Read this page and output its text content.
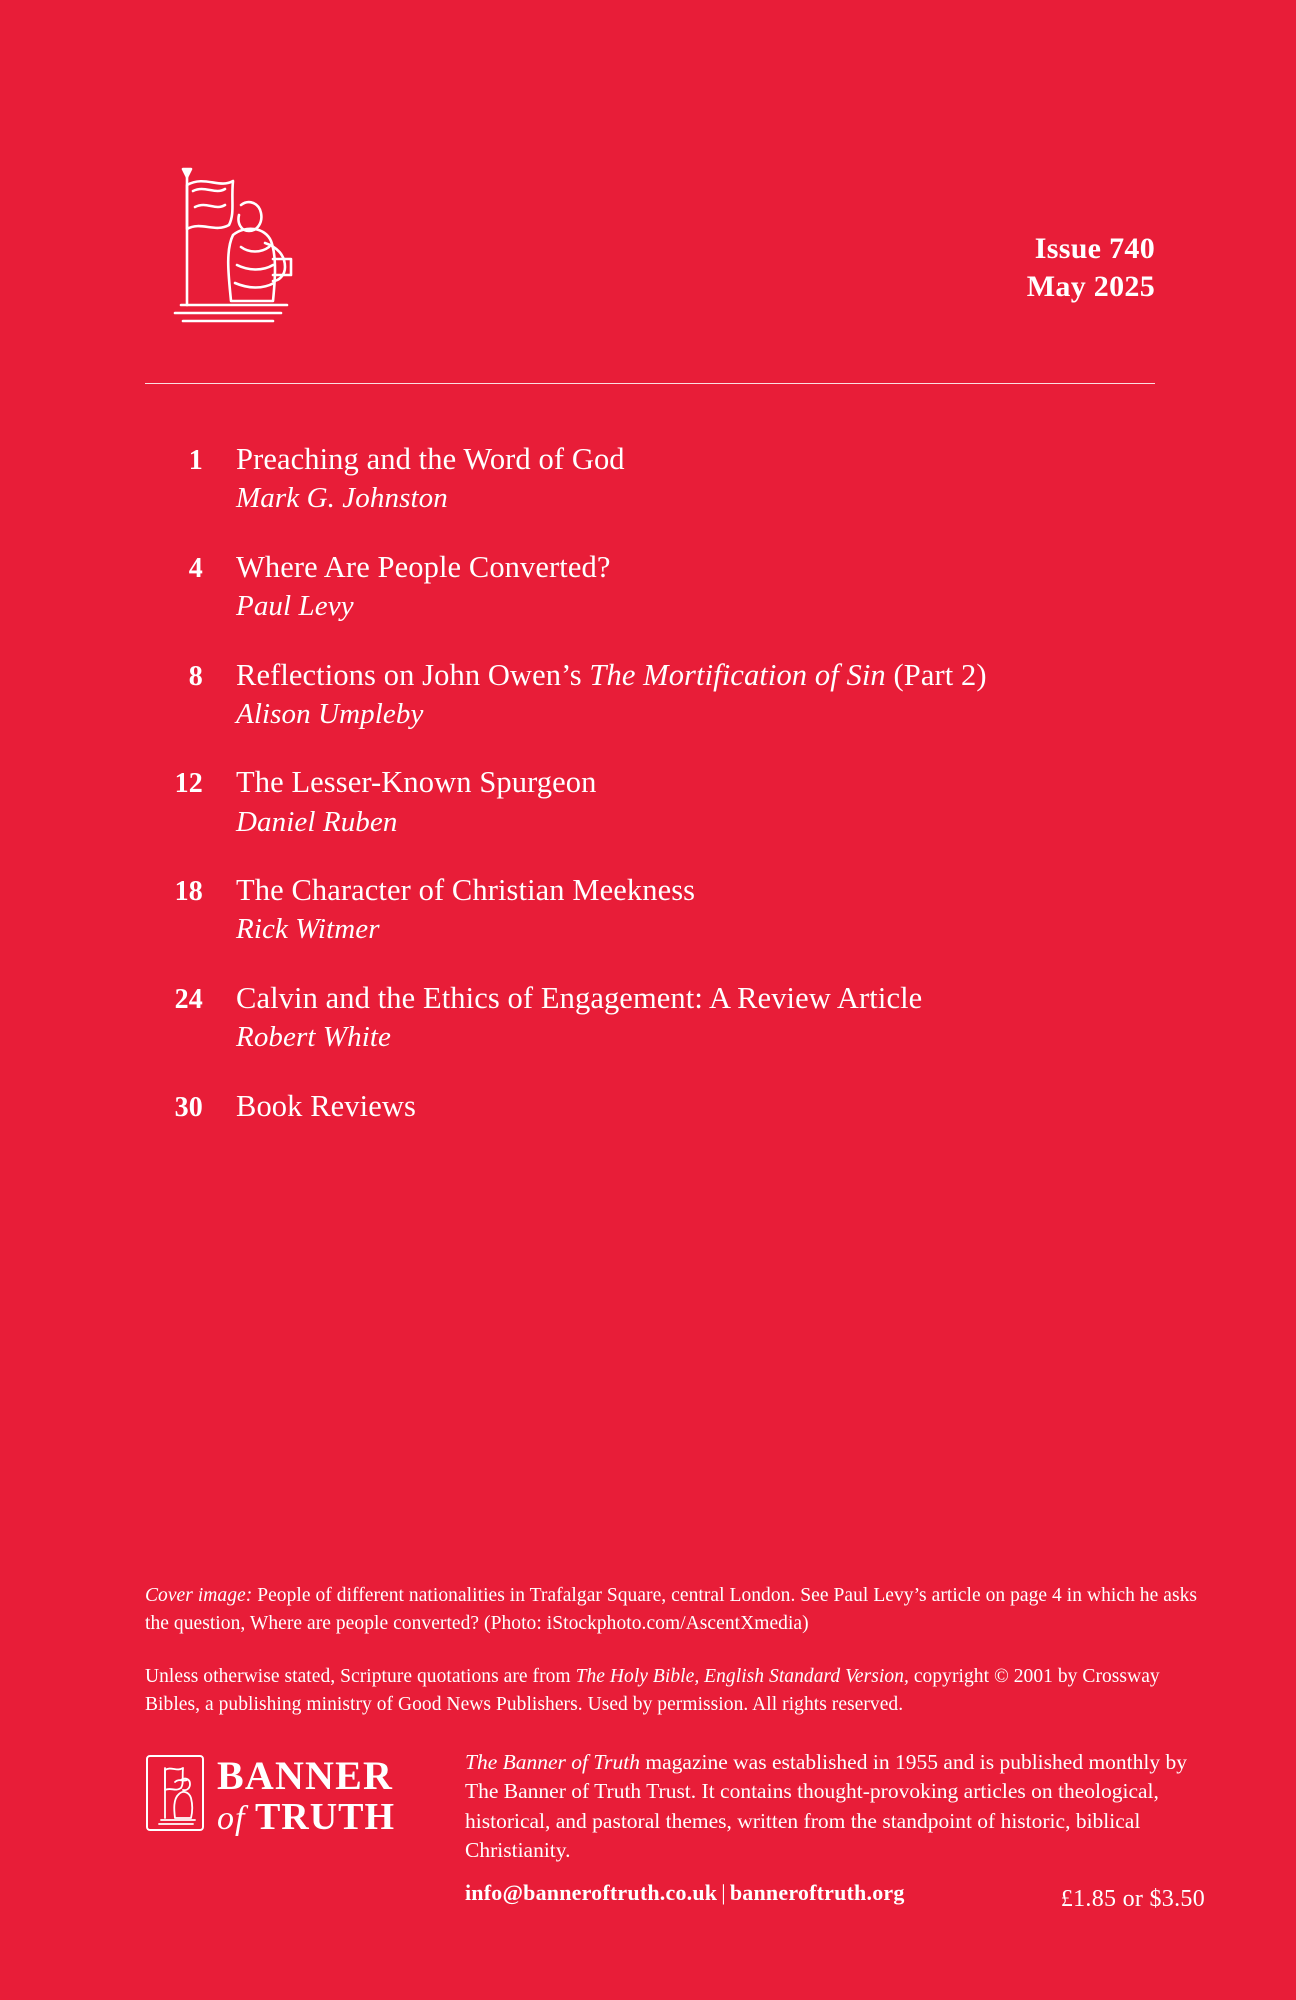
Issue 740
May 2025
1 Preaching and the Word of God
Mark G. Johnston
4 Where Are People Converted?
Paul Levy
8 Reflections on John Owen’s The Mortification of Sin (Part 2)
Alison Umpleby
12 The Lesser-Known Spurgeon
Daniel Ruben
18 The Character of Christian Meekness
Rick Witmer
24 Calvin and the Ethics of Engagement: A Review Article
Robert White
30 Book Reviews

Cover image: People of different nationalities in Trafalgar Square, central London. See Paul Levy’s article on page 4 in which he asks the question, Where are people converted? (Photo: iStockphoto.com/AscentXmedia)

Unless otherwise stated, Scripture quotations are from The Holy Bible, English Standard Version, copyright © 2001 by Crossway Bibles, a publishing ministry of Good News Publishers. Used by permission. All rights reserved.

BANNER
of TRUTH
The Banner of Truth magazine was established in 1955 and is published monthly by The Banner of Truth Trust. It contains thought-provoking articles on theological, historical, and pastoral themes, written from the standpoint of historic, biblical Christianity.
info@banneroftruth.co.uk | banneroftruth.org	£1.85 or $3.50
